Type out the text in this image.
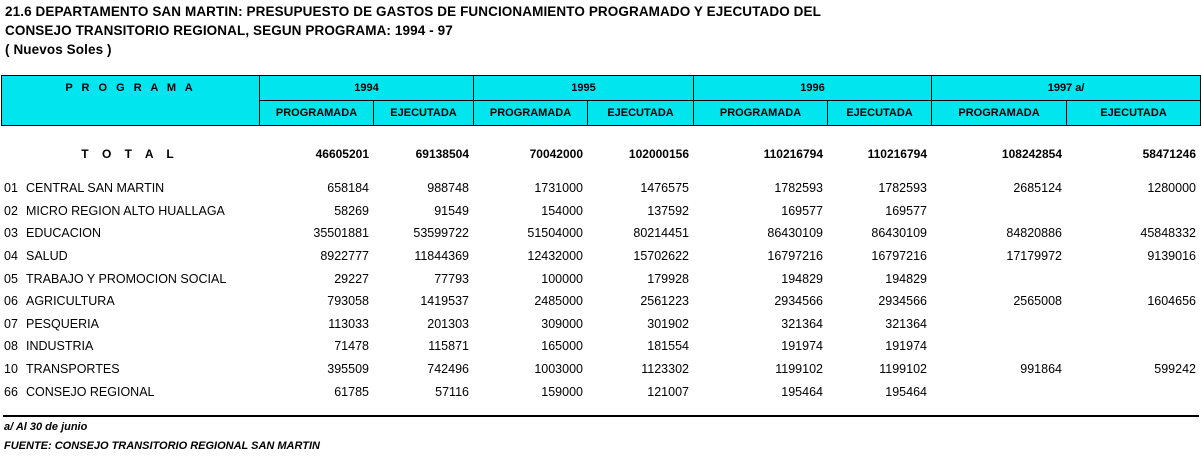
21.6 DEPARTAMENTO SAN MARTIN: PRESUPUESTO DE GASTOS DE FUNCIONAMIENTO PROGRAMADO Y EJECUTADO DEL
CONSEJO TRANSITORIO REGIONAL, SEGUN PROGRAMA: 1994 - 97
( Nuevos Soles )
P R O G R A M A	1994		1995		1996		1997 a/	
	PROGRAMADA	EJECUTADA	PROGRAMADA	EJECUTADA	PROGRAMADA	EJECUTADA	PROGRAMADA	EJECUTADA
T O T A L	46605201	69138504	70042000	102000156	110216794	110216794	108242854	58471246

01 CENTRAL SAN MARTIN	658184	988748	1731000	1476575	1782593	1782593	2685124	1280000
02 MICRO REGION ALTO HUALLAGA	58269	91549	154000	137592	169577	169577		
03 EDUCACION	35501881	53599722	51504000	80214451	86430109	86430109	84820886	45848332
04 SALUD	8922777	11844369	12432000	15702622	16797216	16797216	17179972	9139016
05 TRABAJO Y PROMOCION SOCIAL	29227	77793	100000	179928	194829	194829		
06 AGRICULTURA	793058	1419537	2485000	2561223	2934566	2934566	2565008	1604656
07 PESQUERIA	113033	201303	309000	301902	321364	321364		
08 INDUSTRIA	71478	115871	165000	181554	191974	191974		
10 TRANSPORTES	395509	742496	1003000	1123302	1199102	1199102	991864	599242
66 CONSEJO REGIONAL	61785	57116	159000	121007	195464	195464		
a/ Al 30 de junio
FUENTE: CONSEJO TRANSITORIO REGIONAL SAN MARTIN
